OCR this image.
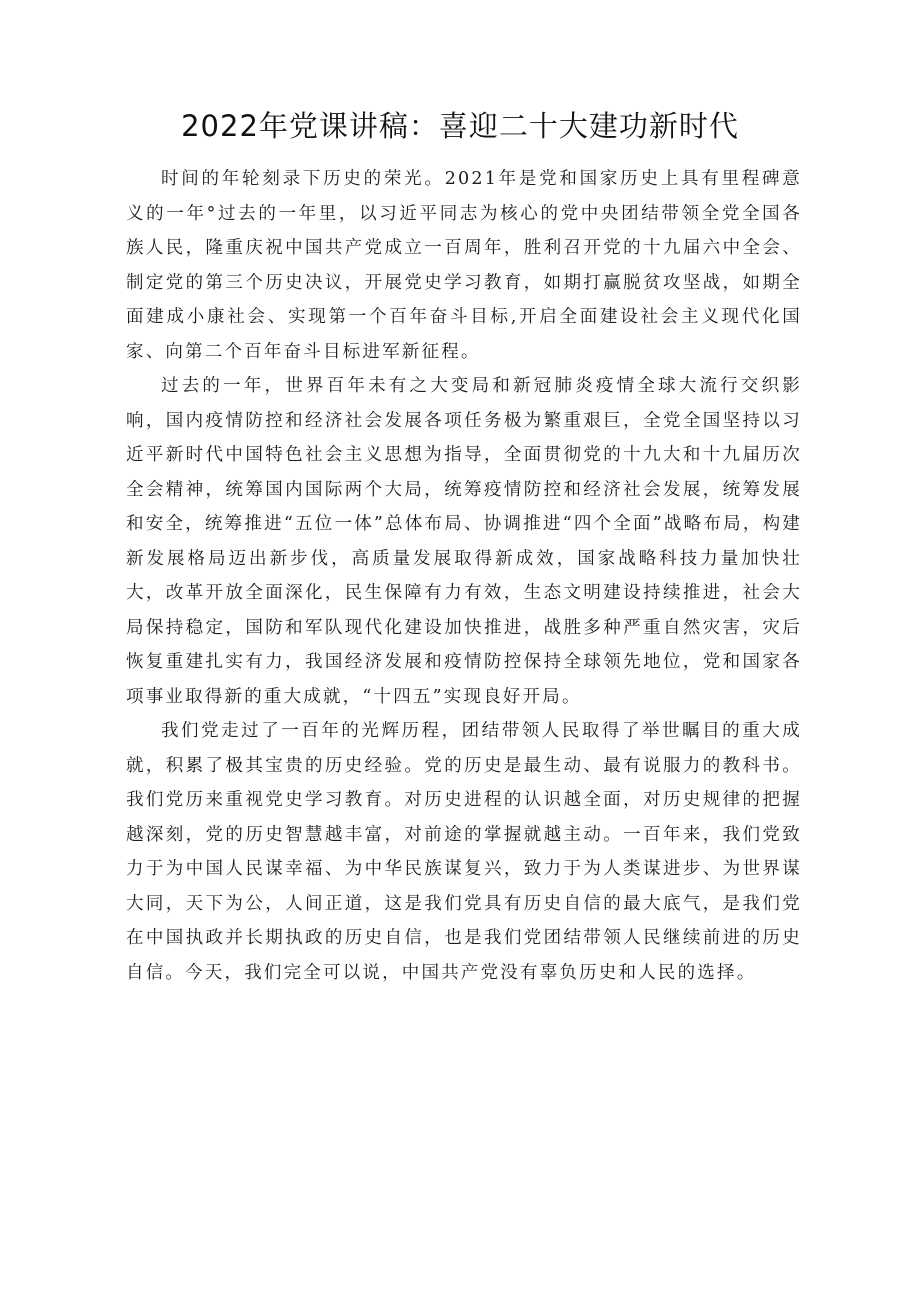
2022年党课讲稿：喜迎二十大建功新时代

时间的年轮刻录下历史的荣光。2021年是党和国家历史上具有里程碑意义的一年°过去的一年里，以习近平同志为核心的党中央团结带领全党全国各族人民，隆重庆祝中国共产党成立一百周年，胜利召开党的十九届六中全会、制定党的第三个历史决议，开展党史学习教育，如期打赢脱贫攻坚战，如期全面建成小康社会、实现第一个百年奋斗目标,开启全面建设社会主义现代化国家、向第二个百年奋斗目标进军新征程。

过去的一年，世界百年未有之大变局和新冠肺炎疫情全球大流行交织影响，国内疫情防控和经济社会发展各项任务极为繁重艰巨，全党全国坚持以习近平新时代中国特色社会主义思想为指导，全面贯彻党的十九大和十九届历次全会精神，统筹国内国际两个大局，统筹疫情防控和经济社会发展，统筹发展和安全，统筹推进“五位一体”总体布局、协调推进“四个全面”战略布局，构建新发展格局迈出新步伐，高质量发展取得新成效，国家战略科技力量加快壮大，改革开放全面深化，民生保障有力有效，生态文明建设持续推进，社会大局保持稳定，国防和军队现代化建设加快推进，战胜多种严重自然灾害，灾后恢复重建扎实有力，我国经济发展和疫情防控保持全球领先地位，党和国家各项事业取得新的重大成就，“十四五”实现良好开局。

我们党走过了一百年的光辉历程，团结带领人民取得了举世瞩目的重大成就，积累了极其宝贵的历史经验。党的历史是最生动、最有说服力的教科书。我们党历来重视党史学习教育。对历史进程的认识越全面，对历史规律的把握越深刻，党的历史智慧越丰富，对前途的掌握就越主动。一百年来，我们党致力于为中国人民谋幸福、为中华民族谋复兴，致力于为人类谋进步、为世界谋大同，天下为公，人间正道，这是我们党具有历史自信的最大底气，是我们党在中国执政并长期执政的历史自信，也是我们党团结带领人民继续前进的历史自信。今天，我们完全可以说，中国共产党没有辜负历史和人民的选择。
